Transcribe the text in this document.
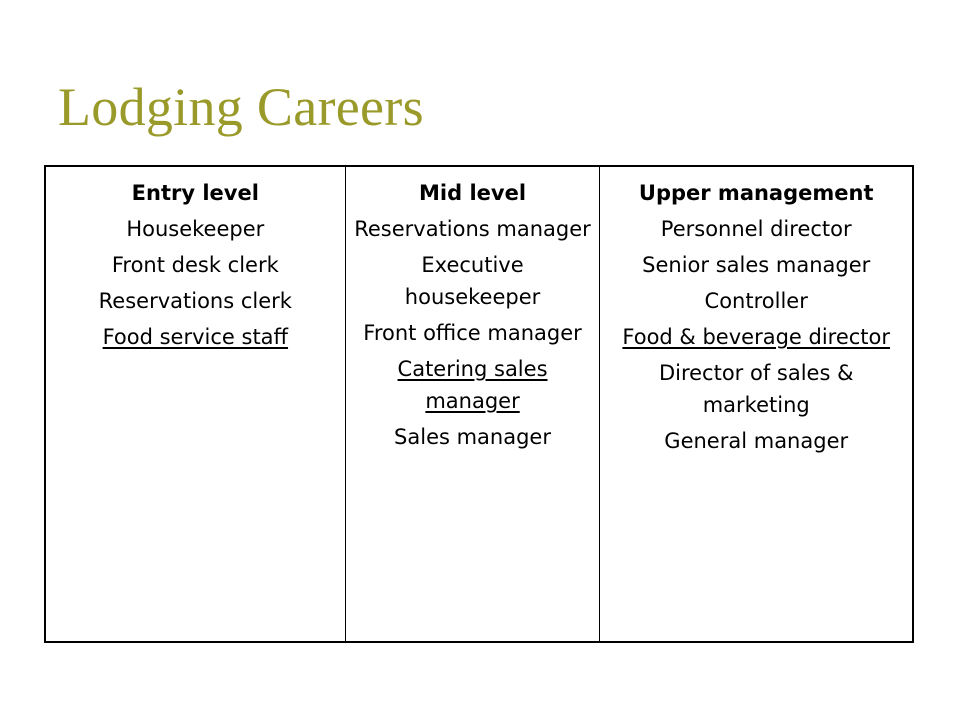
Lodging Careers
Entry level
Housekeeper
Front desk clerk
Reservations clerk
Food service staff
Mid level
Reservations manager
Executive housekeeper
Front office manager
Catering sales manager
Sales manager
Upper management
Personnel director
Senior sales manager
Controller
Food & beverage director
Director of sales & marketing
General manager
